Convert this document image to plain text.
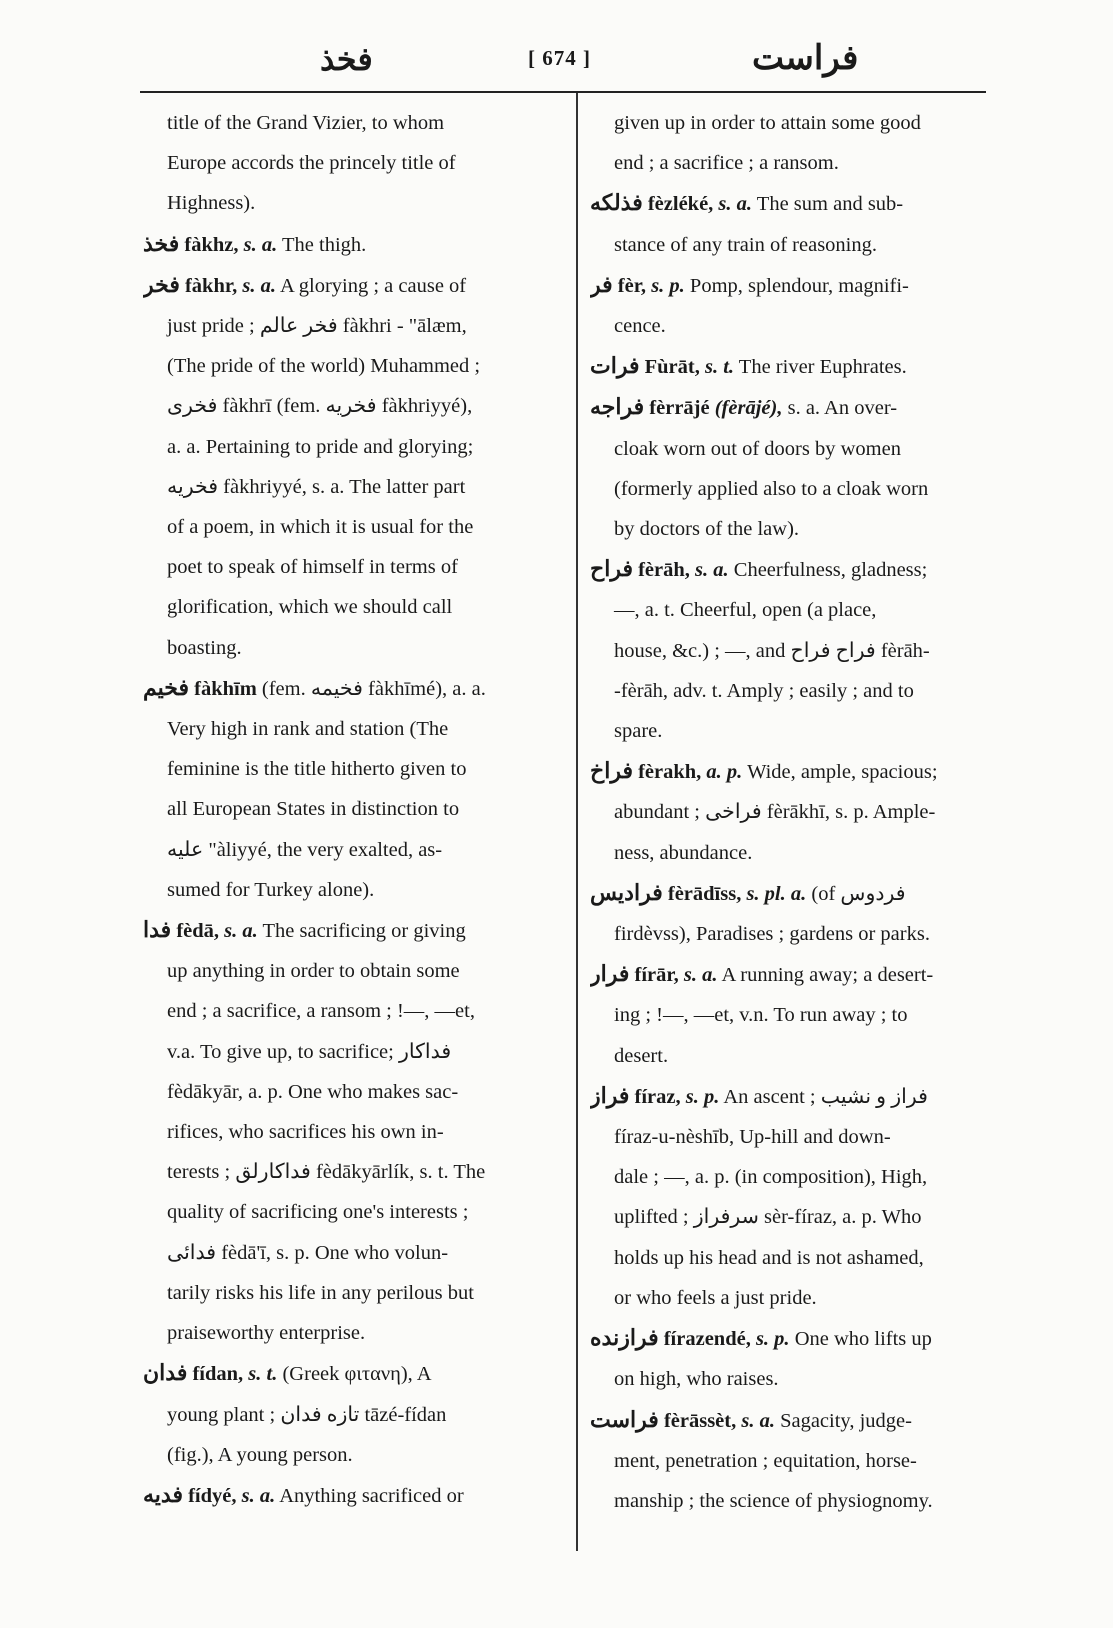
فخذ	[ 674 ]	فراست
title of the Grand Vizier, to whom
Europe accords the princely title of
Highness).
فخذ fàkhz, s. a. The thigh.
فخر fàkhr, s. a. A glorying ; a cause of
just pride ; فخر عالم fàkhri - "ālæm,
(The pride of the world) Muhammed ;
فخری fàkhrī (fem. فخریه fàkhriyyé),
a. a. Pertaining to pride and glorying;
فخریه fàkhriyyé, s. a. The latter part
of a poem, in which it is usual for the
poet to speak of himself in terms of
glorification, which we should call
boasting.
فخیم fàkhīm (fem. فخیمه fàkhīmé), a. a.
Very high in rank and station (The
feminine is the title hitherto given to
all European States in distinction to
علیه "àliyyé, the very exalted, as-
sumed for Turkey alone).
فدا fèdā, s. a. The sacrificing or giving
up anything in order to obtain some
end ; a sacrifice, a ransom ; !—, —et,
v.a. To give up, to sacrifice; فداکار
fèdākyār, a. p. One who makes sac-
rifices, who sacrifices his own in-
terests ; فداکارلق fèdākyārlík, s. t. The
quality of sacrificing one's interests ;
فدائی fèdā'ī, s. p. One who volun-
tarily risks his life in any perilous but
praiseworthy enterprise.
فدان fídan, s. t. (Greek φιτανη), A
young plant ; تازه فدان tāzé-fídan
(fig.), A young person.
فدیه fídyé, s. a. Anything sacrificed or
given up in order to attain some good
end ; a sacrifice ; a ransom.
فذلکه fèzléké, s. a. The sum and sub-
stance of any train of reasoning.
فر fèr, s. p. Pomp, splendour, magnifi-
cence.
فرات Fùrāt, s. t. The river Euphrates.
فراجه fèrrājé (fèrājé), s. a. An over-
cloak worn out of doors by women
(formerly applied also to a cloak worn
by doctors of the law).
فراح fèrāh, s. a. Cheerfulness, gladness;
—, a. t. Cheerful, open (a place,
house, &c.) ; —, and فراح فراح fèrāh-
-fèrāh, adv. t. Amply ; easily ; and to
spare.
فراخ fèrakh, a. p. Wide, ample, spacious;
abundant ; فراخی fèrākhī, s. p. Ample-
ness, abundance.
فرادیس fèrādīss, s. pl. a. (of فردوس
firdèvss), Paradises ; gardens or parks.
فرار fírār, s. a. A running away; a desert-
ing ; !—, —et, v.n. To run away ; to
desert.
فراز fíraz, s. p. An ascent ; فراز و نشیب
fíraz-u-nèshīb, Up-hill and down-
dale ; —, a. p. (in composition), High,
uplifted ; سرفراز sèr-fíraz, a. p. Who
holds up his head and is not ashamed,
or who feels a just pride.
فرازنده fírazendé, s. p. One who lifts up
on high, who raises.
فراست fèrāssèt, s. a. Sagacity, judge-
ment, penetration ; equitation, horse-
manship ; the science of physiognomy.
